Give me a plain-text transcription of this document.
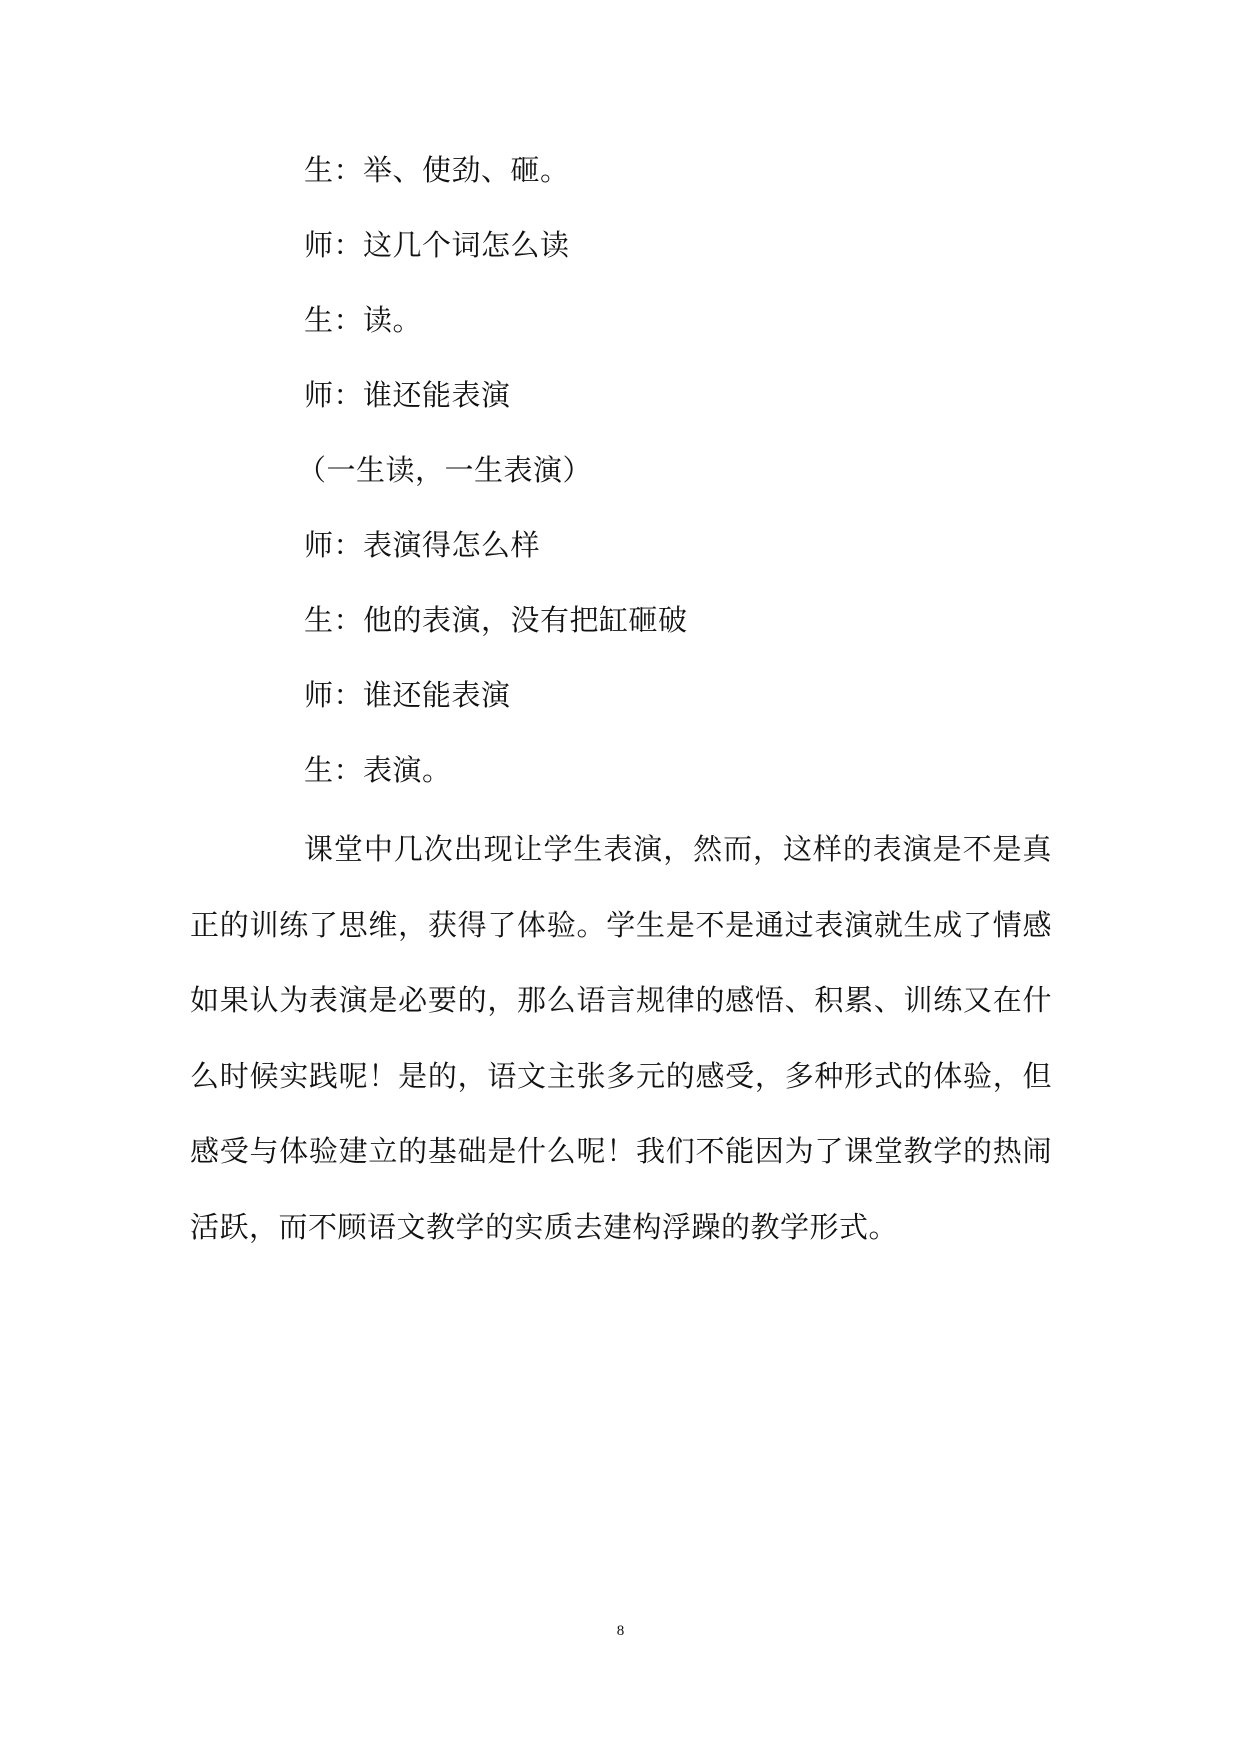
生：举、使劲、砸。
师：这几个词怎么读
生：读。
师：谁还能表演
（一生读，一生表演）
师：表演得怎么样
生：他的表演，没有把缸砸破
师：谁还能表演
生：表演。
课堂中几次出现让学生表演，然而，这样的表演是不是真正的训练了思维，获得了体验。学生是不是通过表演就生成了情感如果认为表演是必要的，那么语言规律的感悟、积累、训练又在什么时候实践呢！是的，语文主张多元的感受，多种形式的体验，但感受与体验建立的基础是什么呢！我们不能因为了课堂教学的热闹活跃，而不顾语文教学的实质去建构浮躁的教学形式。
8
